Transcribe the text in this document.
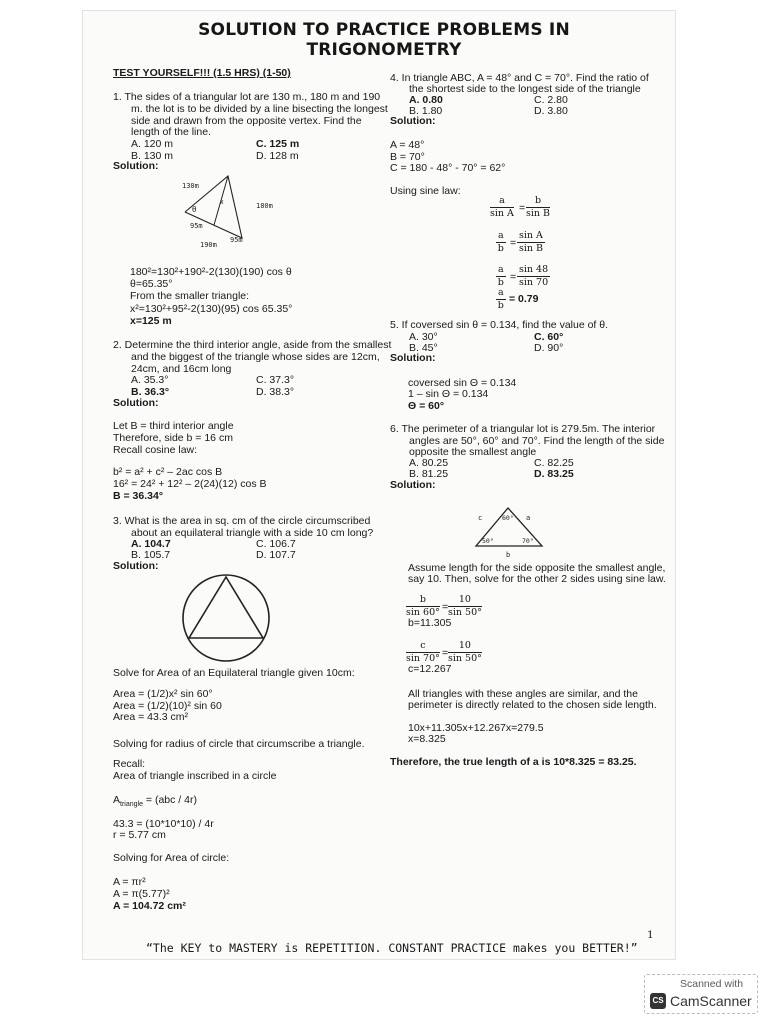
SOLUTION TO PRACTICE PROBLEMS IN
TRIGONOMETRY
TEST YOURSELF!!! (1.5 HRS) (1-50)
1. The sides of a triangular lot are 130 m., 180 m and 190
m. the lot is to be divided by a line bisecting the longest
side and drawn from the opposite vertex. Find the
length of the line.
A. 120 m	C. 125 m
B. 130 m	D. 128 m
Solution:
130m
180m
θ
x
95m
95m
190m
180²=130²+190²-2(130)(190) cos θ
θ=65.35°
From the smaller triangle:
x²=130²+95²-2(130)(95) cos 65.35°
x=125 m
2. Determine the third interior angle, aside from the smallest
and the biggest of the triangle whose sides are 12cm,
24cm, and 16cm long
A. 35.3°	C. 37.3°
B. 36.3°	D. 38.3°
Solution:
Let B = third interior angle
Therefore, side b = 16 cm
Recall cosine law:
b² = a² + c² – 2ac cos B
16² = 24² + 12² – 2(24)(12) cos B
B = 36.34°
3. What is the area in sq. cm of the circle circumscribed
about an equilateral triangle with a side 10 cm long?
A. 104.7	C. 106.7
B. 105.7	D. 107.7
Solution:
Solve for Area of an Equilateral triangle given 10cm:
Area = (1/2)x² sin 60°
Area = (1/2)(10)² sin 60
Area = 43.3 cm²
Solving for radius of circle that circumscribe a triangle.
Recall:
Area of triangle inscribed in a circle
$A_{triangle} = (abc / 4r)$
43.3 = (10*10*10) / 4r
r = 5.77 cm
Solving for Area of circle:
A = πr²
A = π(5.77)²
A = 104.72 cm²
4. In triangle ABC, A = 48° and C = 70°. Find the ratio of
the shortest side to the longest side of the triangle
A. 0.80	C. 2.80
B. 1.80	D. 3.80
Solution:
A = 48°
B = 70°
C = 180 - 48° - 70° = 62°
Using sine law:
$\frac{a}{\text{sin A}} = \frac{b}{\text{sin B}}$
$\frac{a}{b} = \frac{\text{sin A}}{\text{sin B}}$
$\frac{a}{b} = \frac{\sin 48}{\sin 70}$
$\frac{a}{b} = 0.79$
5. If coversed sin θ = 0.134, find the value of θ.
A. 30°	C. 60°
B. 45°	D. 90°
Solution:
coversed sin Θ = 0.134
1 – sin Θ = 0.134
Θ = 60°
6. The perimeter of a triangular lot is 279.5m. The interior
angles are 50°, 60° and 70°. Find the length of the side
opposite the smallest angle
A. 80.25	C. 82.25
B. 81.25	D. 83.25
Solution:
c	a
60°
50°	70°
b
Assume length for the side opposite the smallest angle,
say 10. Then, solve for the other 2 sides using sine law.
$\frac{b}{\sin 60^\circ} = \frac{10}{\sin 50^\circ}$
b=11.305
$\frac{c}{\sin 70^\circ} = \frac{10}{\sin 50^\circ}$
c=12.267
All triangles with these angles are similar, and the
perimeter is directly related to the chosen side length.
10x+11.305x+12.267x=279.5
x=8.325
Therefore, the true length of a is 10*8.325 = 83.25.
1
“The KEY to MASTERY is REPETITION. CONSTANT PRACTICE makes you BETTER!”
Scanned with
CS CamScanner
